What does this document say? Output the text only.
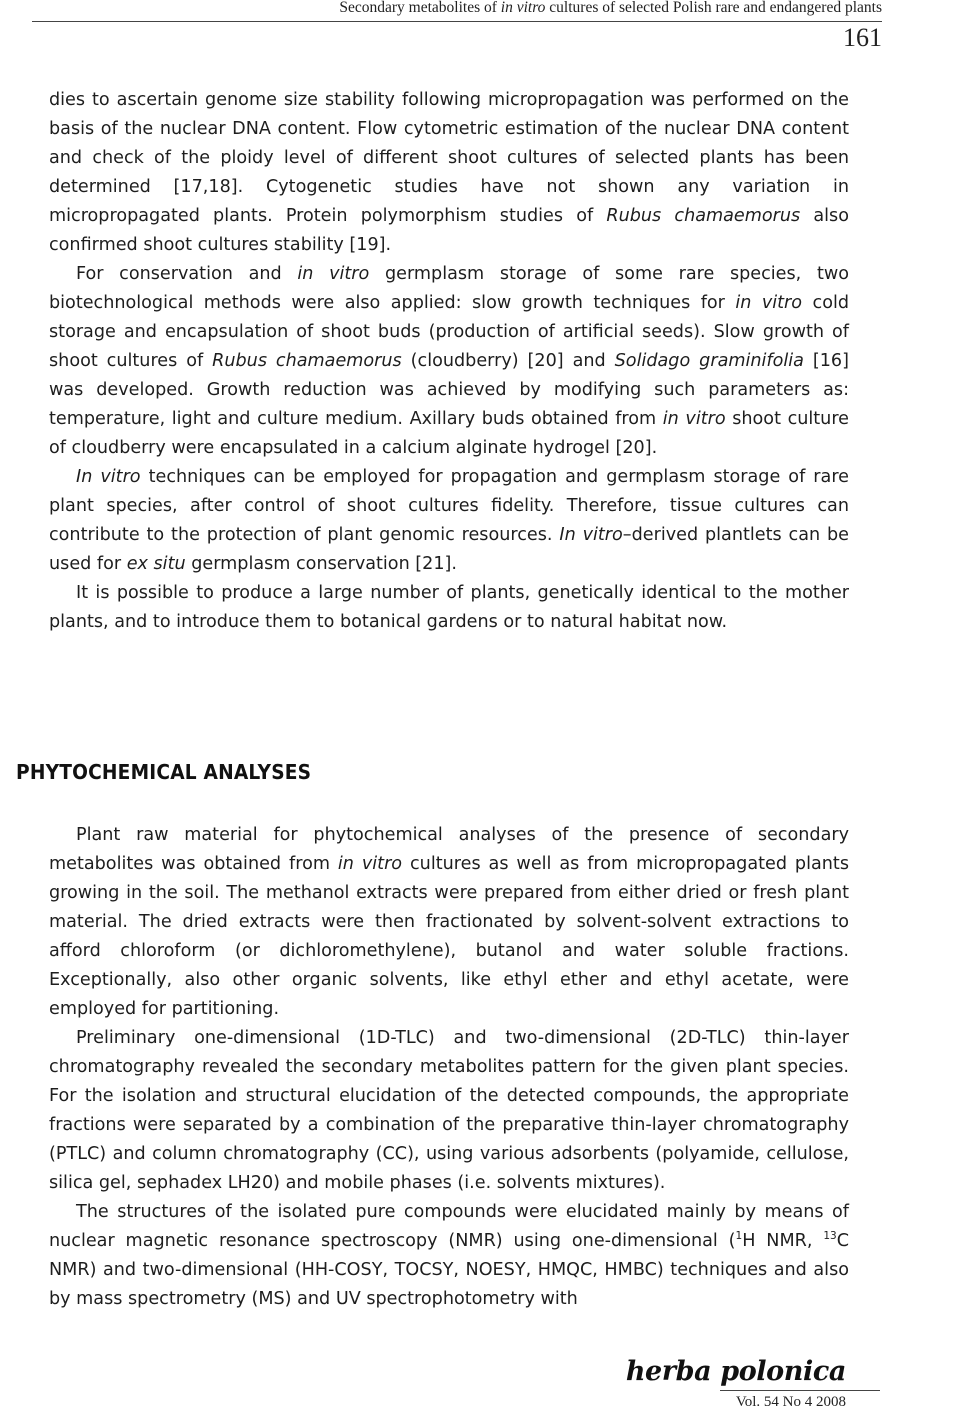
Secondary metabolites of in vitro cultures of selected Polish rare and endangered plants
161

dies to ascertain genome size stability following micropropagation was performed on the basis of the nuclear DNA content. Flow cytometric estimation of the nuclear DNA content and check of the ploidy level of different shoot cultures of selected plants has been determined [17,18]. Cytogenetic studies have not shown any variation in micropropagated plants. Protein polymorphism studies of Rubus chamaemorus also confirmed shoot cultures stability [19].

For conservation and in vitro germplasm storage of some rare species, two biotechnological methods were also applied: slow growth techniques for in vitro cold storage and encapsulation of shoot buds (production of artificial seeds). Slow growth of shoot cultures of Rubus chamaemorus (cloudberry) [20] and Solidago graminifolia [16] was developed. Growth reduction was achieved by modifying such parameters as: temperature, light and culture medium. Axillary buds obtained from in vitro shoot culture of cloudberry were encapsulated in a calcium alginate hydrogel [20].

In vitro techniques can be employed for propagation and germplasm storage of rare plant species, after control of shoot cultures fidelity. Therefore, tissue cultures can contribute to the protection of plant genomic resources. In vitro–derived plantlets can be used for ex situ germplasm conservation [21].

It is possible to produce a large number of plants, genetically identical to the mother plants, and to introduce them to botanical gardens or to natural habitat now.

PHYTOCHEMICAL ANALYSES

Plant raw material for phytochemical analyses of the presence of secondary metabolites was obtained from in vitro cultures as well as from micropropagated plants growing in the soil. The methanol extracts were prepared from either dried or fresh plant material. The dried extracts were then fractionated by solvent-solvent extractions to afford chloroform (or dichloromethylene), butanol and water soluble fractions. Exceptionally, also other organic solvents, like ethyl ether and ethyl acetate, were employed for partitioning.

Preliminary one-dimensional (1D-TLC) and two-dimensional (2D-TLC) thin-layer chromatography revealed the secondary metabolites pattern for the given plant species. For the isolation and structural elucidation of the detected compounds, the appropriate fractions were separated by a combination of the preparative thin-layer chromatography (PTLC) and column chromatography (CC), using various adsorbents (polyamide, cellulose, silica gel, sephadex LH20) and mobile phases (i.e. solvents mixtures).

The structures of the isolated pure compounds were elucidated mainly by means of nuclear magnetic resonance spectroscopy (NMR) using one-dimensional ($^1$H NMR, $^{13}$C NMR) and two-dimensional (HH-COSY, TOCSY, NOESY, HMQC, HMBC) techniques and also by mass spectrometry (MS) and UV spectrophotometry with

herba polonica
Vol. 54 No 4 2008
